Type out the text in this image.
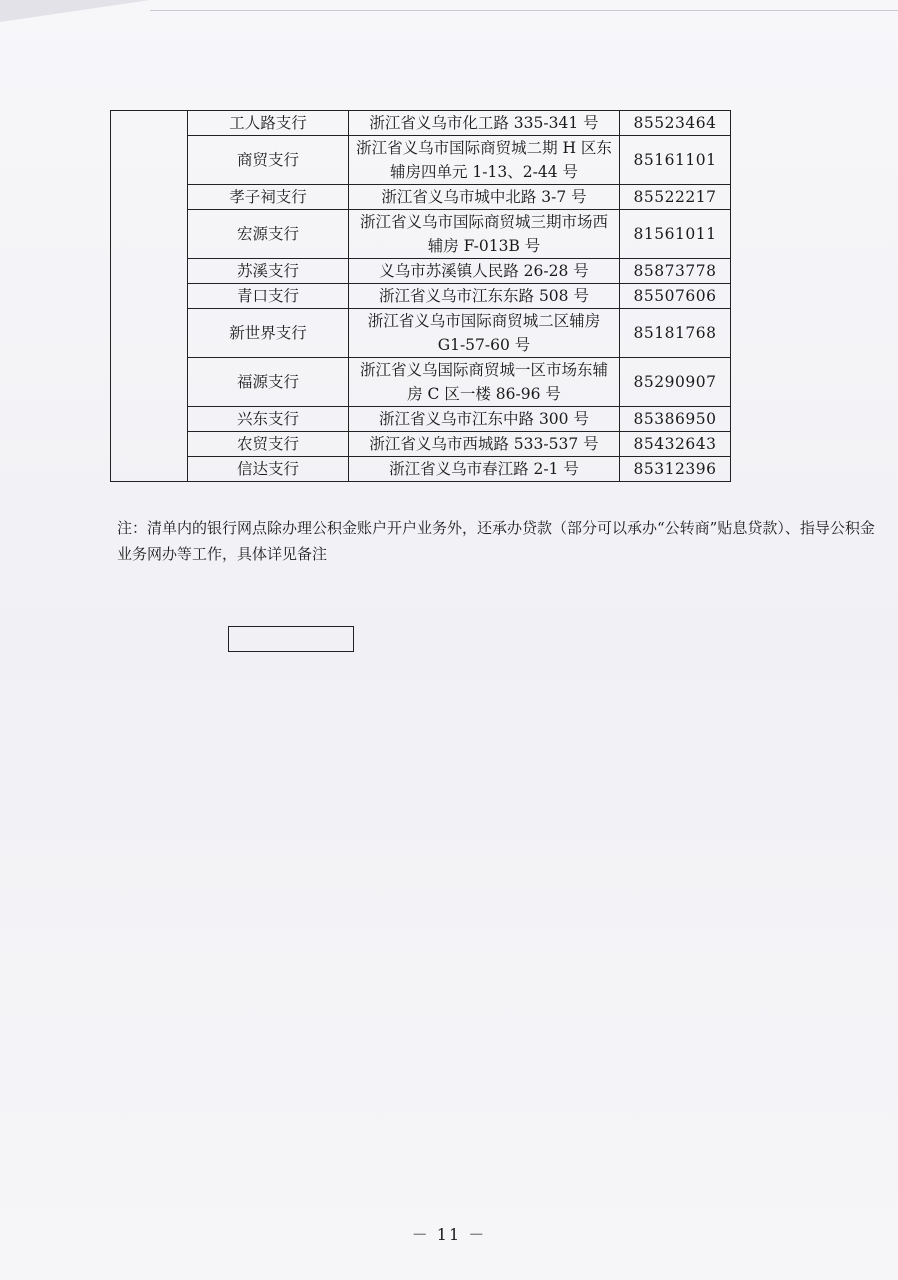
	工人路支行	浙江省义乌市化工路 335-341 号	85523464	

	商贸支行	浙江省义乌市国际商贸城二期 H 区东辅房四单元 1-13、2-44 号	85161101
	孝子祠支行	浙江省义乌市城中北路 3-7 号	85522217
	宏源支行	浙江省义乌市国际商贸城三期市场西辅房 F-013B 号	81561011
	苏溪支行	义乌市苏溪镇人民路 26-28 号	85873778
	青口支行	浙江省义乌市江东东路 508 号	85507606
	新世界支行	浙江省义乌市国际商贸城二区辅房 G1-57-60 号	85181768
	福源支行	浙江省义乌国际商贸城一区市场东辅房 C 区一楼 86-96 号	85290907
	兴东支行	浙江省义乌市江东中路 300 号	85386950
	农贸支行	浙江省义乌市西城路 533-537 号	85432643
	信达支行	浙江省义乌市春江路 2-1 号	85312396
注：清单内的银行网点除办理公积金账户开户业务外，还承办贷款（部分可以承办“公转商”贴息贷款）、指导公积金业务网办等工作，具体详见备注
－ 11 －
